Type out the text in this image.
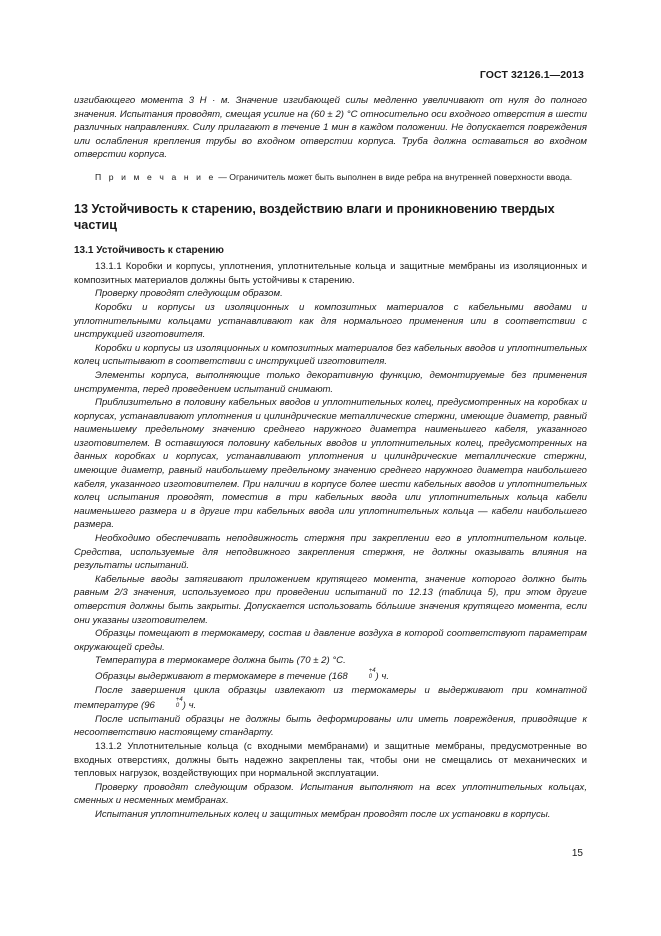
ГОСТ 32126.1—2013

изгибающего момента 3 Н · м. Значение изгибающей силы медленно увеличивают от нуля до полного значения. Испытания проводят, смещая усилие на (60 ± 2) °С относительно оси входного отверстия в шести различных направлениях. Силу прилагают в течение 1 мин в каждом положении. Не допускается повреждения или ослабления крепления трубы во входном отверстии корпуса. Труба должна оставаться во входном отверстии корпуса.

П р и м е ч а н и е — Ограничитель может быть выполнен в виде ребра на внутренней поверхности ввода.

13 Устойчивость к старению, воздействию влаги и проникновению твердых частиц

13.1 Устойчивость к старению

13.1.1 Коробки и корпусы, уплотнения, уплотнительные кольца и защитные мембраны из изоляционных и композитных материалов должны быть устойчивы к старению.

Проверку проводят следующим образом.

Коробки и корпусы из изоляционных и композитных материалов с кабельными вводами и уплотнительными кольцами устанавливают как для нормального применения или в соответствии с инструкцией изготовителя.

Коробки и корпусы из изоляционных и композитных материалов без кабельных вводов и уплотнительных колец испытывают в соответствии с инструкцией изготовителя.

Элементы корпуса, выполняющие только декоративную функцию, демонтируемые без применения инструмента, перед проведением испытаний снимают.

Приблизительно в половину кабельных вводов и уплотнительных колец, предусмотренных на коробках и корпусах, устанавливают уплотнения и цилиндрические металлические стержни, имеющие диаметр, равный наименьшему предельному значению среднего наружного диаметра наименьшего кабеля, указанного изготовителем. В оставшуюся половину кабельных вводов и уплотнительных колец, предусмотренных на данных коробках и корпусах, устанавливают уплотнения и цилиндрические металлические стержни, имеющие диаметр, равный наибольшему предельному значению среднего наружного диаметра наибольшего кабеля, указанного изготовителем. При наличии в корпусе более шести кабельных вводов и уплотнительных колец испытания проводят, поместив в три кабельных ввода или уплотнительных кольца кабели наименьшего размера и в другие три кабельных ввода или уплотнительных кольца — кабели наибольшего размера.

Необходимо обеспечивать неподвижность стержня при закреплении его в уплотнительном кольце. Средства, используемые для неподвижного закрепления стержня, не должны оказывать влияния на результаты испытаний.

Кабельные вводы затягивают приложением крутящего момента, значение которого должно быть равным 2/3 значения, используемого при проведении испытаний по 12.13 (таблица 5), при этом другие отверстия должны быть закрыты. Допускается использовать бо́льшие значения крутящего момента, если они указаны изготовителем.

Образцы помещают в термокамеру, состав и давление воздуха в которой соответствуют параметрам окружающей среды.

Температура в термокамере должна быть (70 ± 2) °С.

Образцы выдерживают в термокамере в течение (168	+4
0 ) ч.

После завершения цикла образцы извлекают из термокамеры и выдерживают при комнатной температуре (96	+4
0 ) ч.

После испытаний образцы не должны быть деформированы или иметь повреждения, приводящие к несоответствию настоящему стандарту.

13.1.2 Уплотнительные кольца (с входными мембранами) и защитные мембраны, предусмотренные во входных отверстиях, должны быть надежно закреплены так, чтобы они не смещались от механических и тепловых нагрузок, воздействующих при нормальной эксплуатации.

Проверку проводят следующим образом. Испытания выполняют на всех уплотнительных кольцах, сменных и несменных мембранах.

Испытания уплотнительных колец и защитных мембран проводят после их установки в корпусы.

15
